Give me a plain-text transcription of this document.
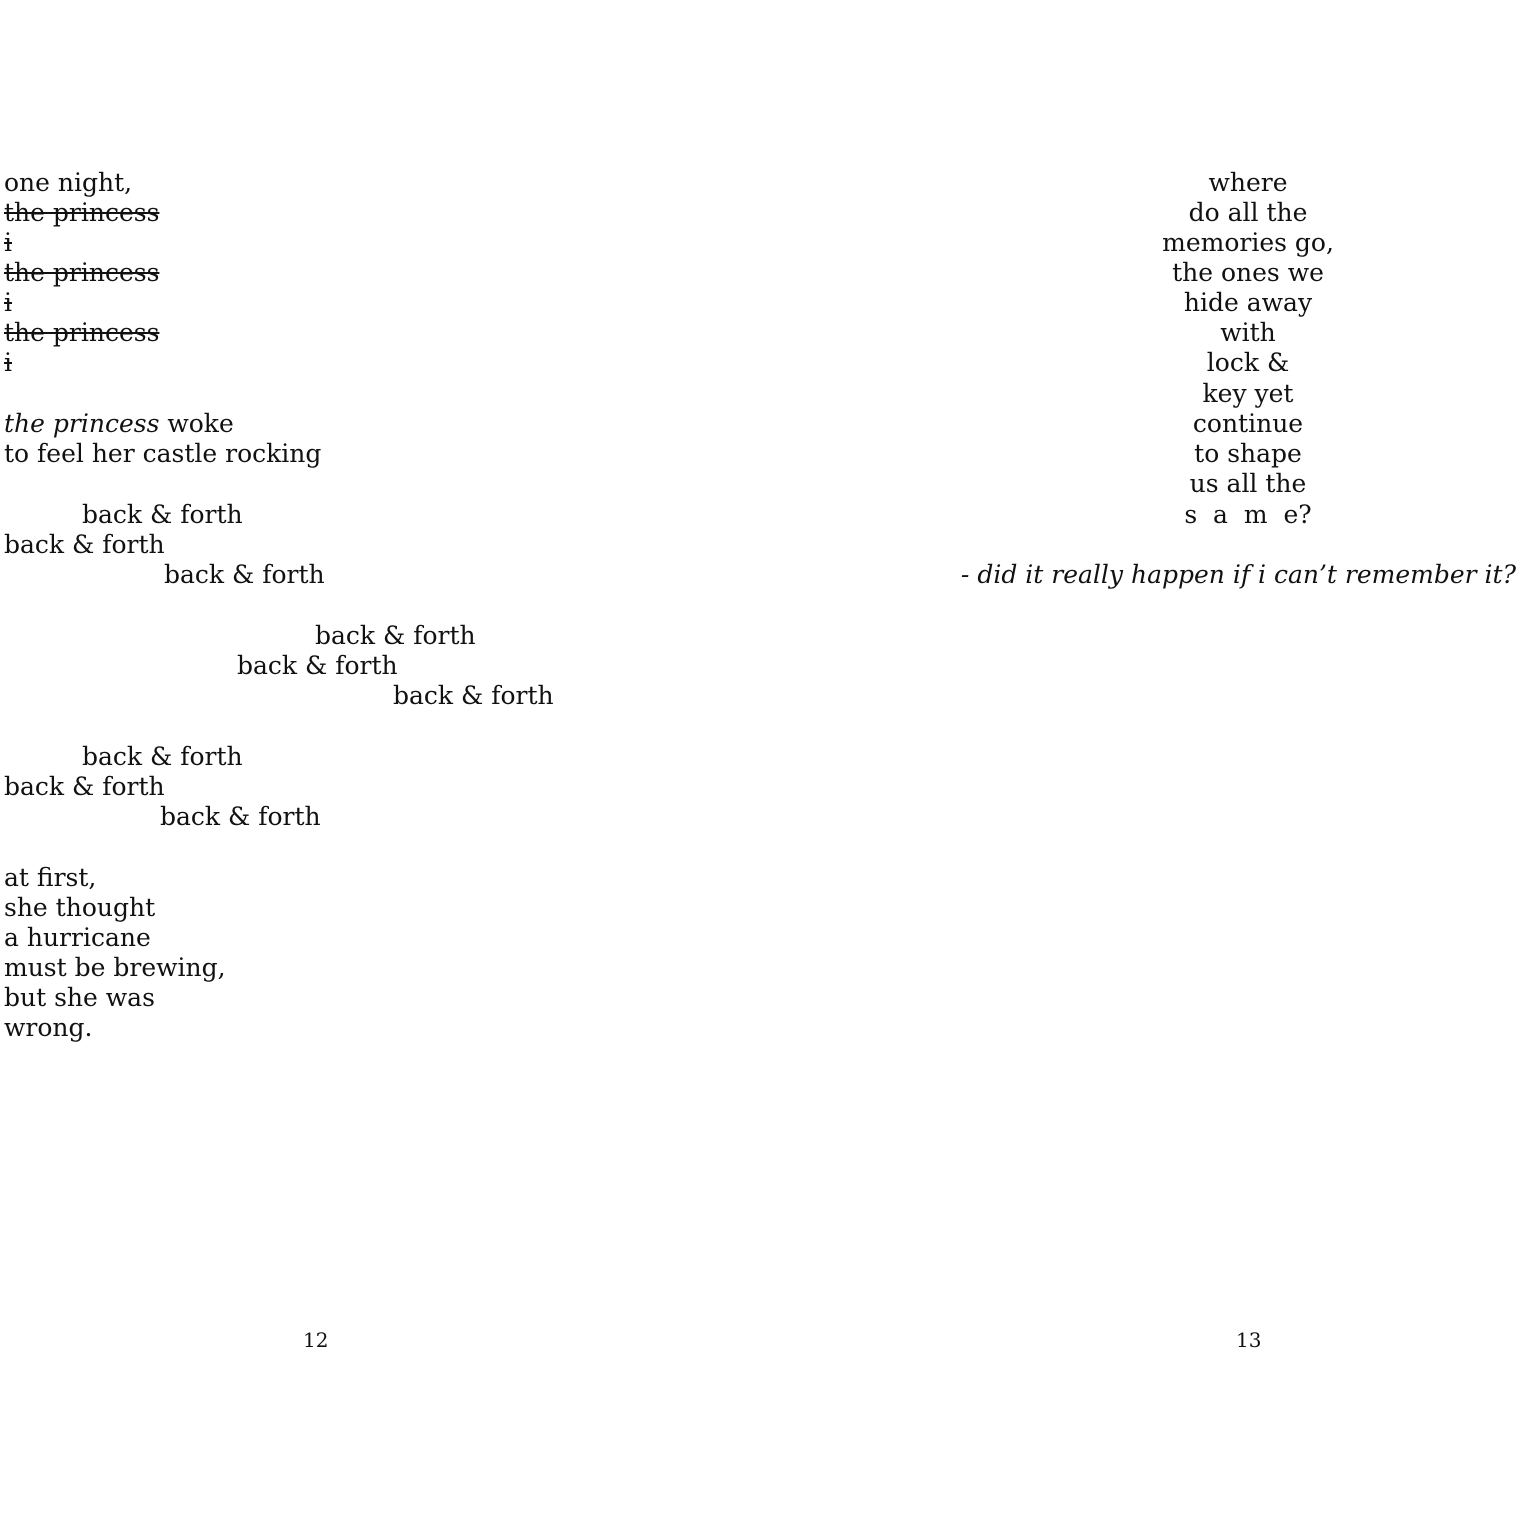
one night,

the princess

i

the princess

i

the princess

i

the princess woke

to feel her castle rocking

back & forth

back & forth

back & forth

back & forth

back & forth

back & forth

back & forth

back & forth

back & forth

at first,

she thought

a hurricane

must be brewing,

but she was

wrong.

12

where

do all the

memories go,

the ones we

hide away

with

lock &

key yet

continue

to shape

us all the

s  a  m  e?

- did it really happen if i can’t remember it?
13
